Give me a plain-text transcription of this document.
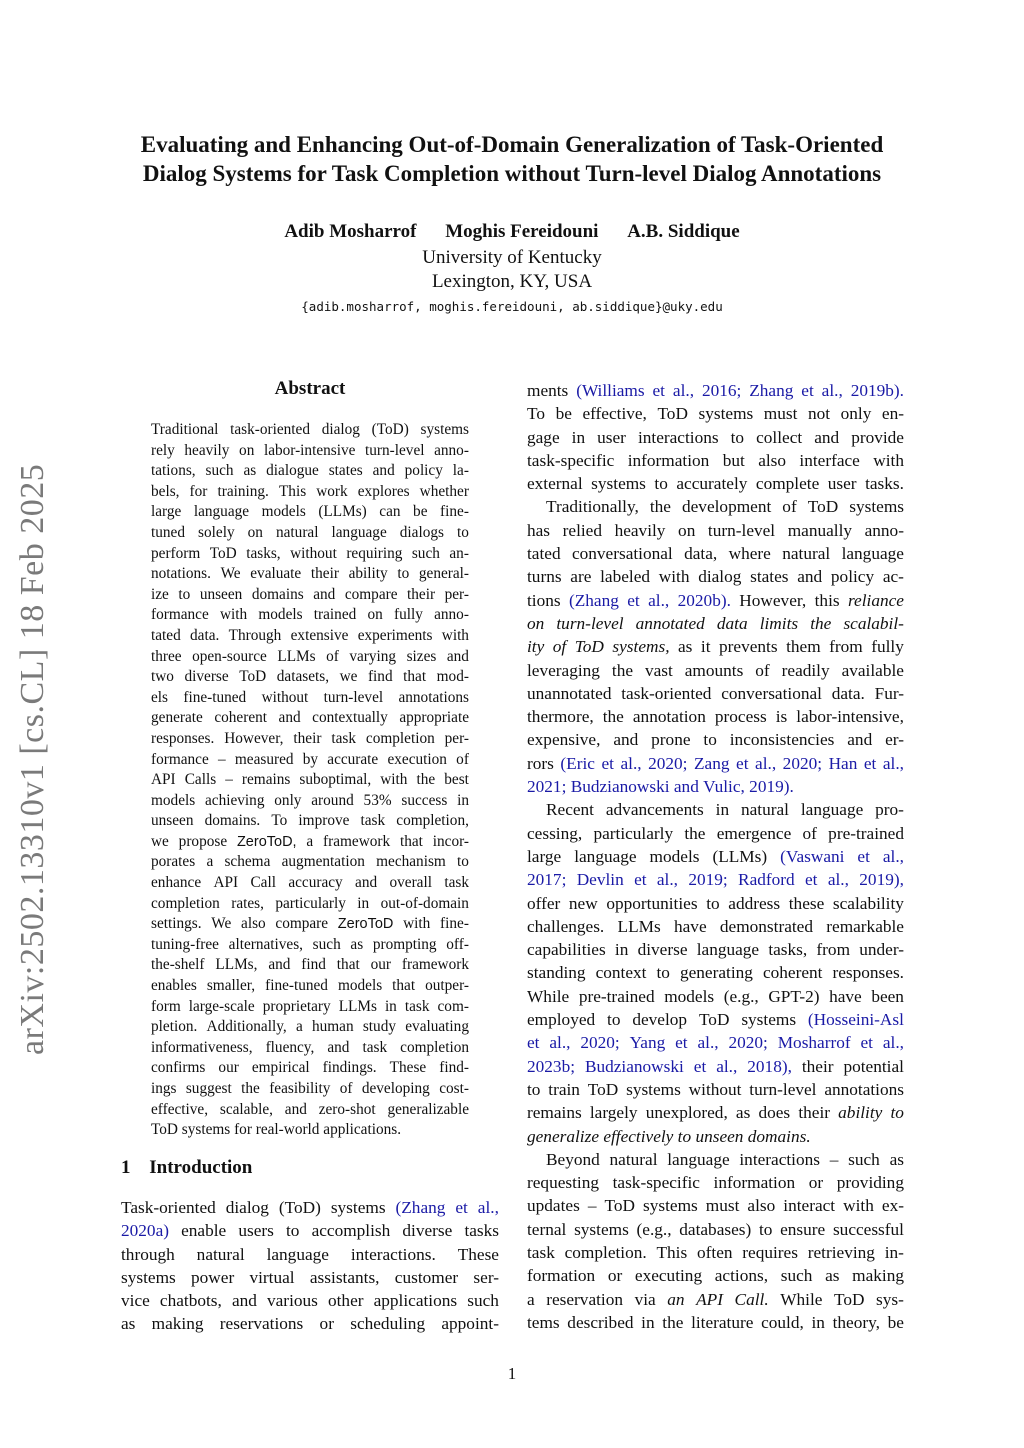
Evaluating and Enhancing Out-of-Domain Generalization of Task-Oriented
Dialog Systems for Task Completion without Turn-level Dialog Annotations
Adib Mosharrof Moghis Fereidouni A.B. Siddique
University of Kentucky
Lexington, KY, USA
{adib.mosharrof, moghis.fereidouni, ab.siddique}@uky.edu
arXiv:2502.13310v1 [cs.CL] 18 Feb 2025
Abstract
Traditional task-oriented dialog (ToD) systems
rely heavily on labor-intensive turn-level anno-
tations, such as dialogue states and policy la-
bels, for training. This work explores whether
large language models (LLMs) can be fine-
tuned solely on natural language dialogs to
perform ToD tasks, without requiring such an-
notations. We evaluate their ability to general-
ize to unseen domains and compare their per-
formance with models trained on fully anno-
tated data. Through extensive experiments with
three open-source LLMs of varying sizes and
two diverse ToD datasets, we find that mod-
els fine-tuned without turn-level annotations
generate coherent and contextually appropriate
responses. However, their task completion per-
formance – measured by accurate execution of
API Calls – remains suboptimal, with the best
models achieving only around 53% success in
unseen domains. To improve task completion,
we propose ZeroToD, a framework that incor-
porates a schema augmentation mechanism to
enhance API Call accuracy and overall task
completion rates, particularly in out-of-domain
settings. We also compare ZeroToD with fine-
tuning-free alternatives, such as prompting off-
the-shelf LLMs, and find that our framework
enables smaller, fine-tuned models that outper-
form large-scale proprietary LLMs in task com-
pletion. Additionally, a human study evaluating
informativeness, fluency, and task completion
confirms our empirical findings. These find-
ings suggest the feasibility of developing cost-
effective, scalable, and zero-shot generalizable
ToD systems for real-world applications.
1 Introduction
Task-oriented dialog (ToD) systems (Zhang et al.,
2020a) enable users to accomplish diverse tasks
through natural language interactions. These
systems power virtual assistants, customer ser-
vice chatbots, and various other applications such
as making reservations or scheduling appoint-
ments (Williams et al., 2016; Zhang et al., 2019b).
To be effective, ToD systems must not only en-
gage in user interactions to collect and provide
task-specific information but also interface with
external systems to accurately complete user tasks.
Traditionally, the development of ToD systems
has relied heavily on turn-level manually anno-
tated conversational data, where natural language
turns are labeled with dialog states and policy ac-
tions (Zhang et al., 2020b). However, this reliance
on turn-level annotated data limits the scalabil-
ity of ToD systems, as it prevents them from fully
leveraging the vast amounts of readily available
unannotated task-oriented conversational data. Fur-
thermore, the annotation process is labor-intensive,
expensive, and prone to inconsistencies and er-
rors (Eric et al., 2020; Zang et al., 2020; Han et al.,
2021; Budzianowski and Vulic, 2019).
Recent advancements in natural language pro-
cessing, particularly the emergence of pre-trained
large language models (LLMs) (Vaswani et al.,
2017; Devlin et al., 2019; Radford et al., 2019),
offer new opportunities to address these scalability
challenges. LLMs have demonstrated remarkable
capabilities in diverse language tasks, from under-
standing context to generating coherent responses.
While pre-trained models (e.g., GPT-2) have been
employed to develop ToD systems (Hosseini-Asl
et al., 2020; Yang et al., 2020; Mosharrof et al.,
2023b; Budzianowski et al., 2018), their potential
to train ToD systems without turn-level annotations
remains largely unexplored, as does their ability to
generalize effectively to unseen domains.
Beyond natural language interactions – such as
requesting task-specific information or providing
updates – ToD systems must also interact with ex-
ternal systems (e.g., databases) to ensure successful
task completion. This often requires retrieving in-
formation or executing actions, such as making
a reservation via an API Call. While ToD sys-
tems described in the literature could, in theory, be
1
